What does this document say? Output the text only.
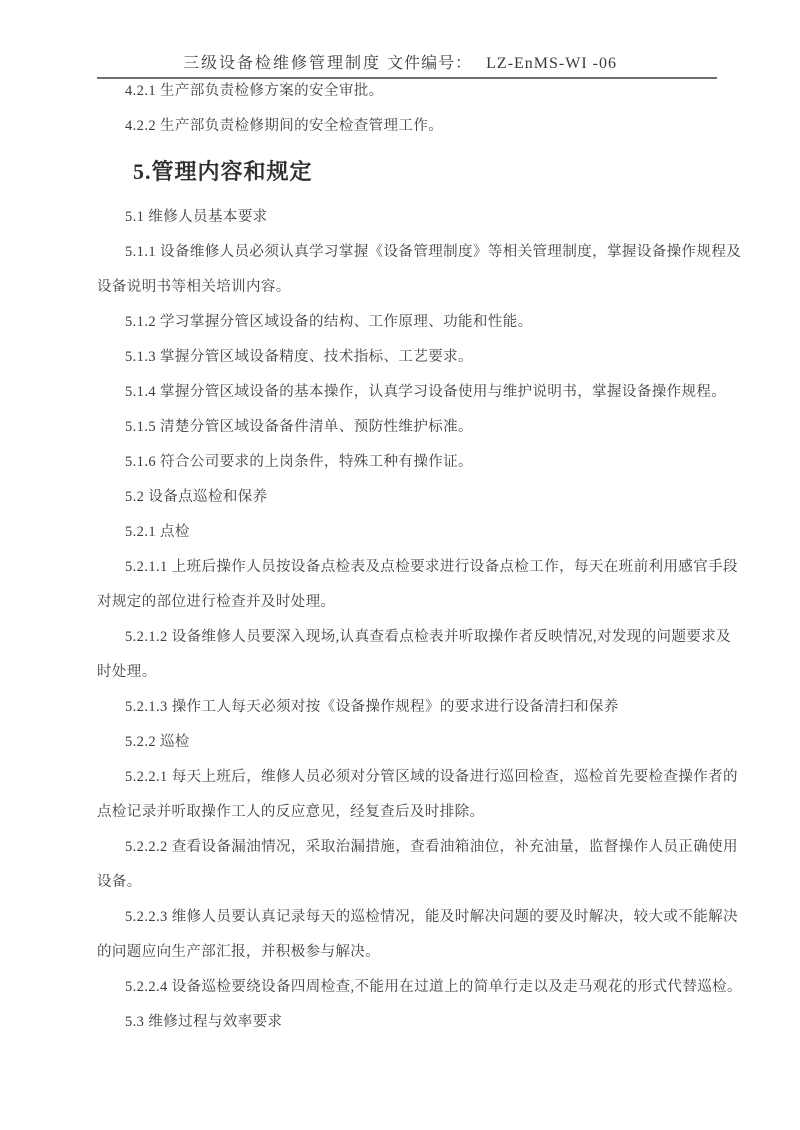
三级设备检维修管理制度 文件编号： LZ-EnMS-WI -06
4.2.1 生产部负责检修方案的安全审批。
4.2.2 生产部负责检修期间的安全检查管理工作。
5.管理内容和规定
5.1 维修人员基本要求
5.1.1 设备维修人员必须认真学习掌握《设备管理制度》等相关管理制度，掌握设备操作规程及
设备说明书等相关培训内容。
5.1.2 学习掌握分管区域设备的结构、工作原理、功能和性能。
5.1.3 掌握分管区域设备精度、技术指标、工艺要求。
5.1.4 掌握分管区域设备的基本操作，认真学习设备使用与维护说明书，掌握设备操作规程。
5.1.5 清楚分管区域设备备件清单、预防性维护标准。
5.1.6 符合公司要求的上岗条件，特殊工种有操作证。
5.2 设备点巡检和保养
5.2.1 点检
5.2.1.1 上班后操作人员按设备点检表及点检要求进行设备点检工作，每天在班前利用感官手段
对规定的部位进行检查并及时处理。
5.2.1.2 设备维修人员要深入现场,认真查看点检表并听取操作者反映情况,对发现的问题要求及
时处理。
5.2.1.3 操作工人每天必须对按《设备操作规程》的要求进行设备清扫和保养
5.2.2 巡检
5.2.2.1 每天上班后，维修人员必须对分管区域的设备进行巡回检查，巡检首先要检查操作者的
点检记录并听取操作工人的反应意见，经复查后及时排除。
5.2.2.2 查看设备漏油情况，采取治漏措施，查看油箱油位，补充油量，监督操作人员正确使用
设备。
5.2.2.3 维修人员要认真记录每天的巡检情况，能及时解决问题的要及时解决，较大或不能解决
的问题应向生产部汇报，并积极参与解决。
5.2.2.4 设备巡检要绕设备四周检查,不能用在过道上的简单行走以及走马观花的形式代替巡检。
5.3 维修过程与效率要求
